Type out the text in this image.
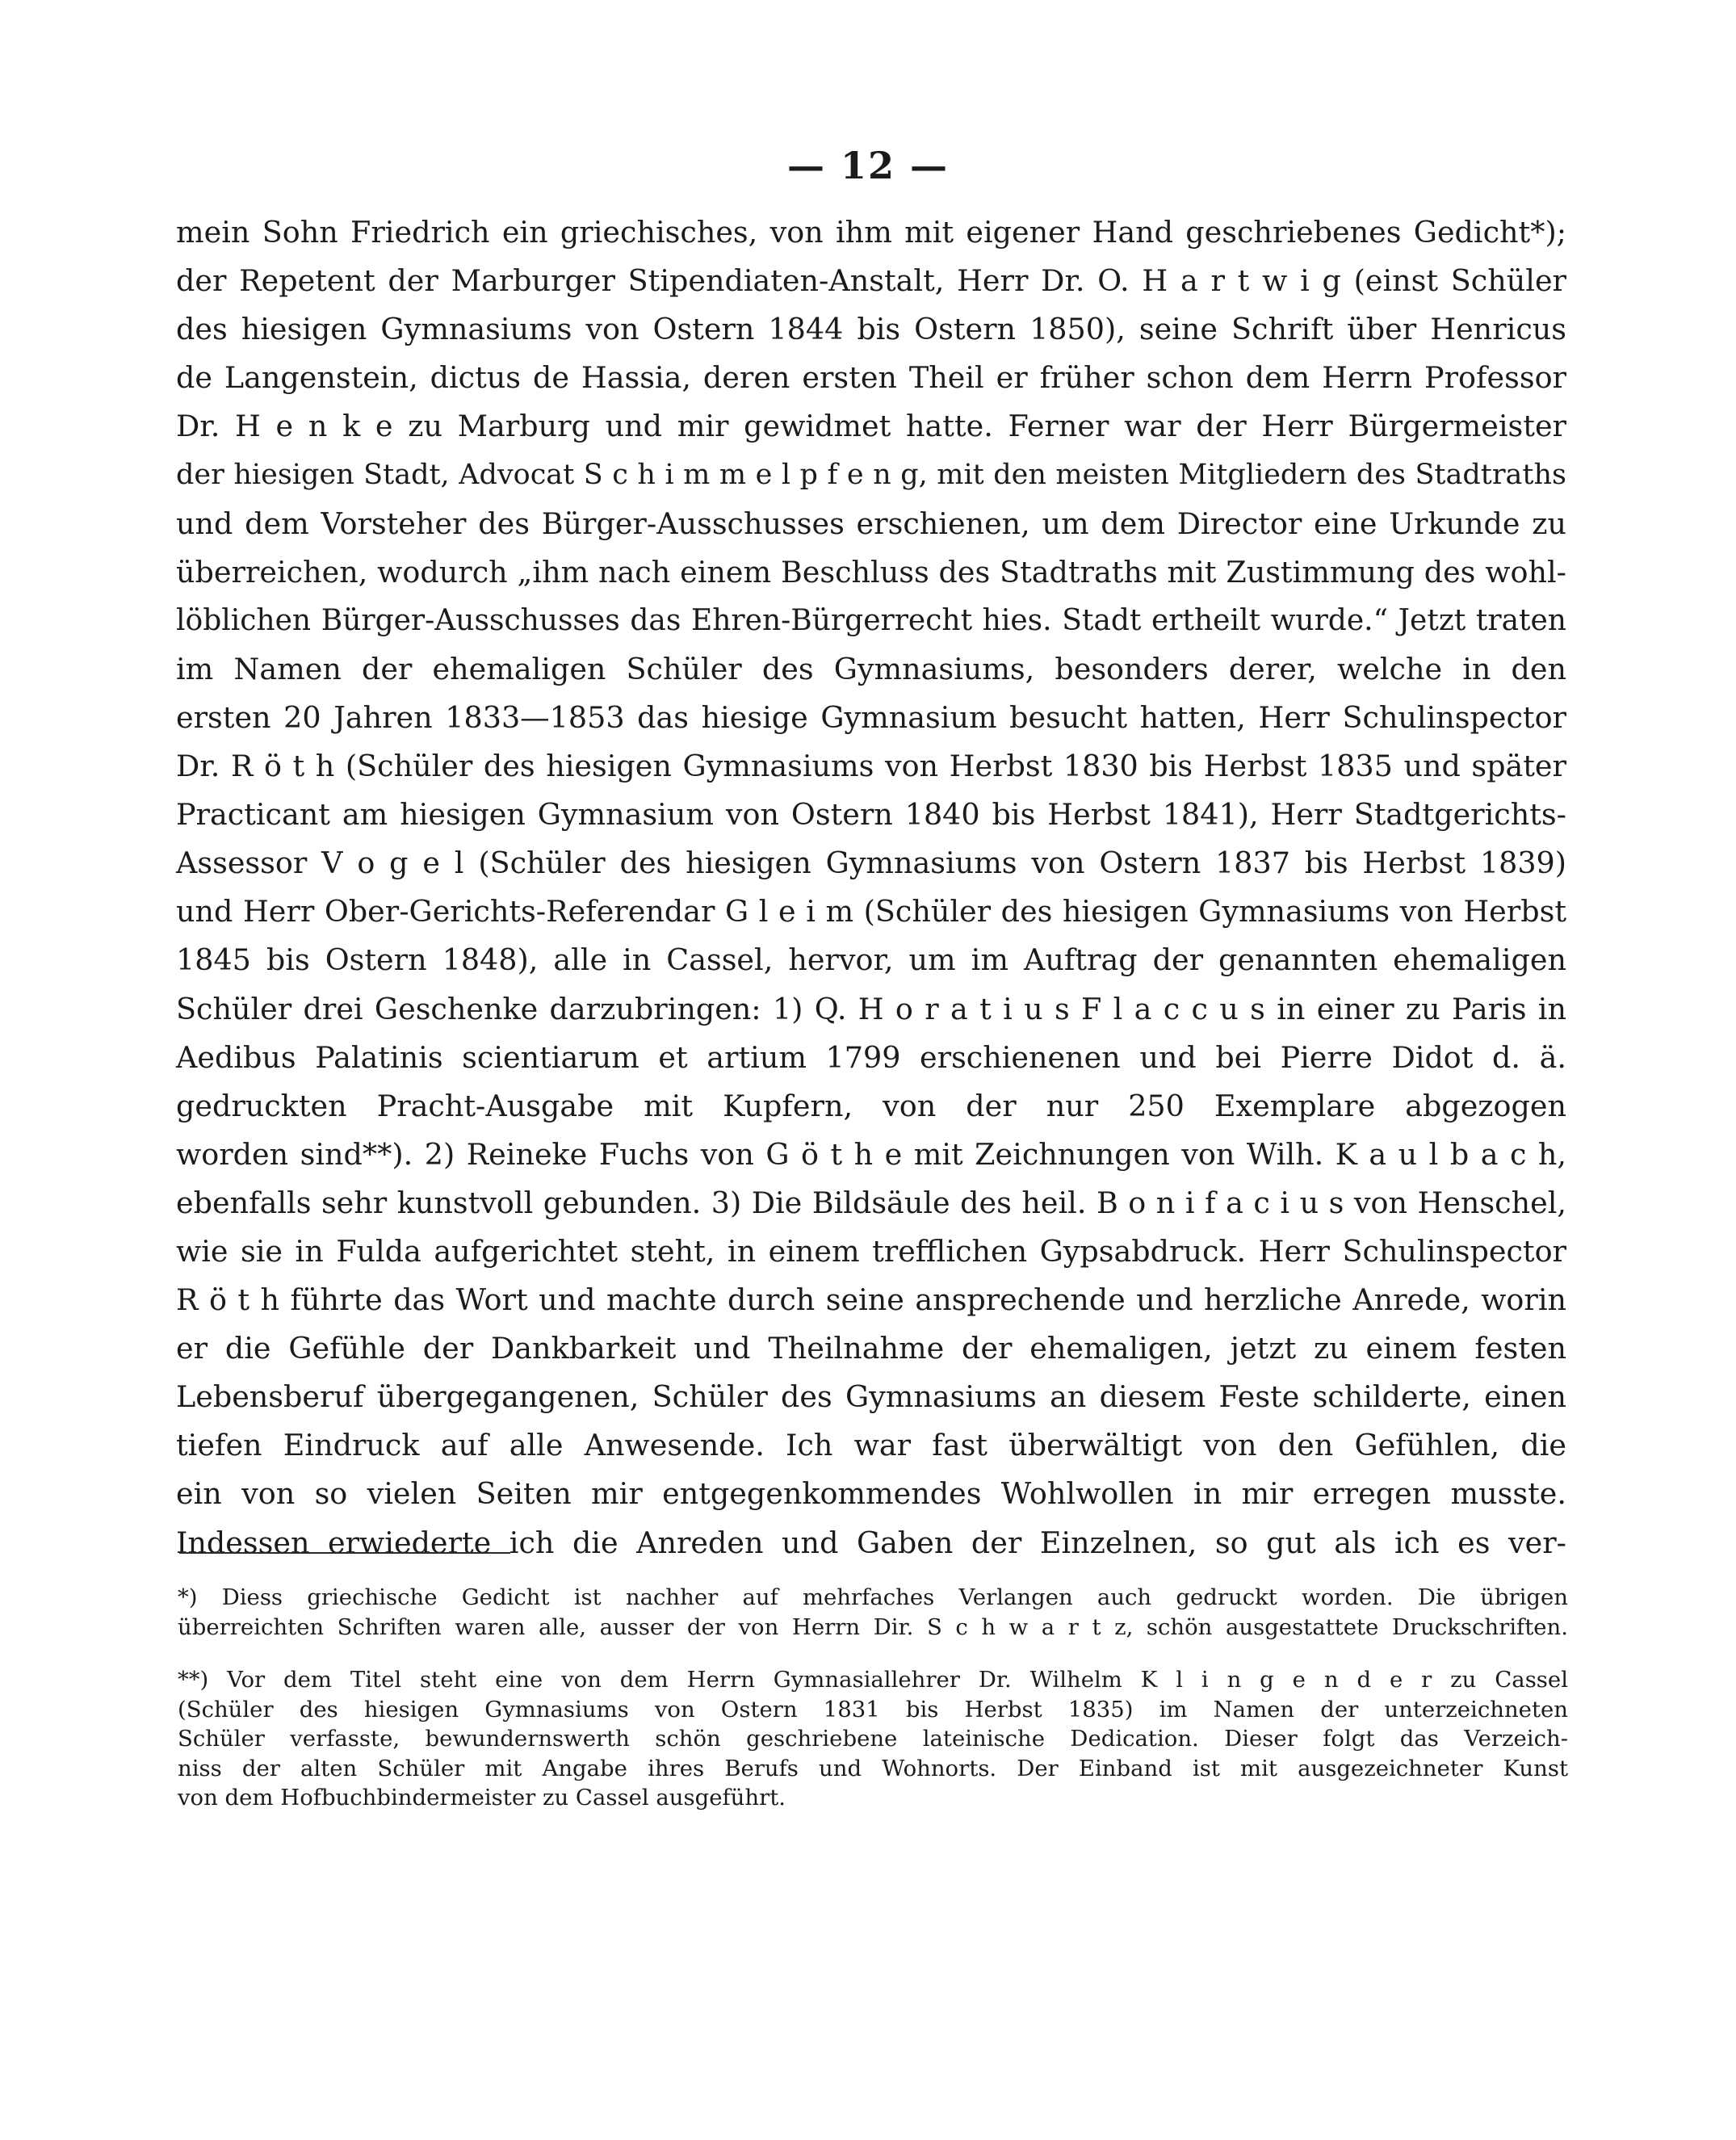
— 12 —
mein Sohn Friedrich ein griechisches, von ihm mit eigener Hand geschriebenes Gedicht*);
der Repetent der Marburger Stipendiaten-Anstalt, Herr Dr. O. H a r t w i g (einst Schüler
des hiesigen Gymnasiums von Ostern 1844 bis Ostern 1850), seine Schrift über Henricus
de Langenstein, dictus de Hassia, deren ersten Theil er früher schon dem Herrn Professor
Dr. H e n k e zu Marburg und mir gewidmet hatte. Ferner war der Herr Bürgermeister
der hiesigen Stadt, Advocat S c h i m m e l p f e n g, mit den meisten Mitgliedern des Stadtraths
und dem Vorsteher des Bürger-Ausschusses erschienen, um dem Director eine Urkunde zu
überreichen, wodurch „ihm nach einem Beschluss des Stadtraths mit Zustimmung des wohl-
löblichen Bürger-Ausschusses das Ehren-Bürgerrecht hies. Stadt ertheilt wurde.“ Jetzt traten
im Namen der ehemaligen Schüler des Gymnasiums, besonders derer, welche in den
ersten 20 Jahren 1833—1853 das hiesige Gymnasium besucht hatten, Herr Schulinspector
Dr. R ö t h (Schüler des hiesigen Gymnasiums von Herbst 1830 bis Herbst 1835 und später
Practicant am hiesigen Gymnasium von Ostern 1840 bis Herbst 1841), Herr Stadtgerichts-
Assessor V o g e l (Schüler des hiesigen Gymnasiums von Ostern 1837 bis Herbst 1839)
und Herr Ober-Gerichts-Referendar G l e i m (Schüler des hiesigen Gymnasiums von Herbst
1845 bis Ostern 1848), alle in Cassel, hervor, um im Auftrag der genannten ehemaligen
Schüler drei Geschenke darzubringen: 1) Q. H o r a t i u s F l a c c u s in einer zu Paris in
Aedibus Palatinis scientiarum et artium 1799 erschienenen und bei Pierre Didot d. ä.
gedruckten Pracht-Ausgabe mit Kupfern, von der nur 250 Exemplare abgezogen
worden sind**). 2) Reineke Fuchs von G ö t h e mit Zeichnungen von Wilh. K a u l b a c h,
ebenfalls sehr kunstvoll gebunden. 3) Die Bildsäule des heil. B o n i f a c i u s von Henschel,
wie sie in Fulda aufgerichtet steht, in einem trefflichen Gypsabdruck. Herr Schulinspector
R ö t h führte das Wort und machte durch seine ansprechende und herzliche Anrede, worin
er die Gefühle der Dankbarkeit und Theilnahme der ehemaligen, jetzt zu einem festen
Lebensberuf übergegangenen, Schüler des Gymnasiums an diesem Feste schilderte, einen
tiefen Eindruck auf alle Anwesende. Ich war fast überwältigt von den Gefühlen, die
ein von so vielen Seiten mir entgegenkommendes Wohlwollen in mir erregen musste.
Indessen erwiederte ich die Anreden und Gaben der Einzelnen, so gut als ich es ver-
*) Diess griechische Gedicht ist nachher auf mehrfaches Verlangen auch gedruckt worden. Die übrigen
überreichten Schriften waren alle, ausser der von Herrn Dir. S c h w a r t z, schön ausgestattete Druckschriften.
**) Vor dem Titel steht eine von dem Herrn Gymnasiallehrer Dr. Wilhelm K l i n g e n d e r zu Cassel
(Schüler des hiesigen Gymnasiums von Ostern 1831 bis Herbst 1835) im Namen der unterzeichneten
Schüler verfasste, bewundernswerth schön geschriebene lateinische Dedication. Dieser folgt das Verzeich-
niss der alten Schüler mit Angabe ihres Berufs und Wohnorts. Der Einband ist mit ausgezeichneter Kunst
von dem Hofbuchbindermeister zu Cassel ausgeführt.
